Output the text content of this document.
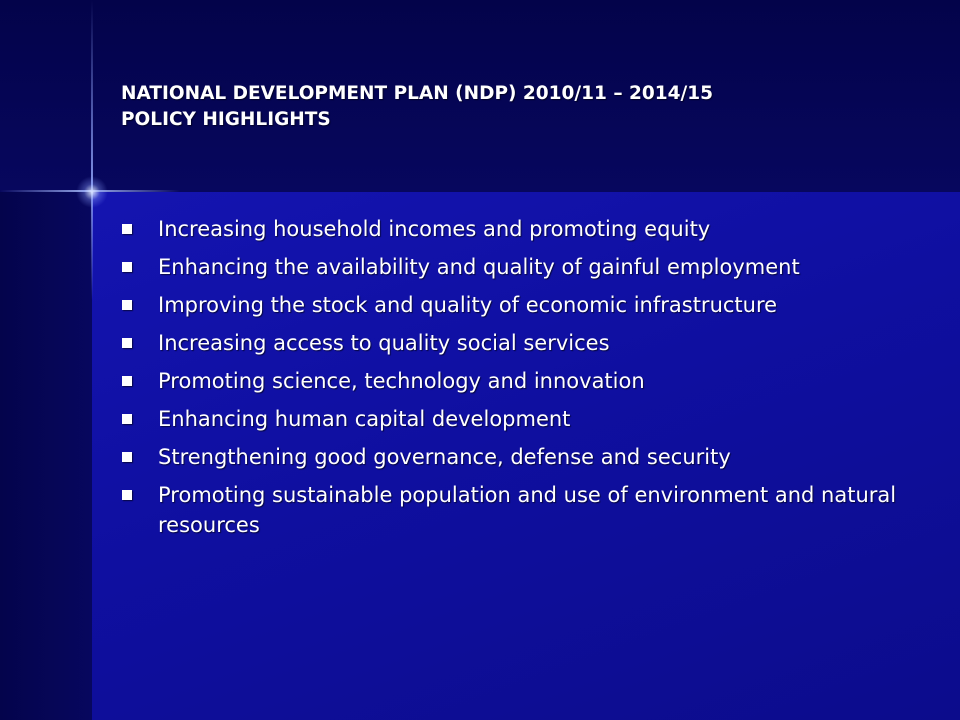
NATIONAL DEVELOPMENT PLAN (NDP) 2010/11 – 2014/15
POLICY HIGHLIGHTS
Increasing household incomes and promoting equity
Enhancing the availability and quality of gainful employment
Improving the stock and quality of economic infrastructure
Increasing access to quality social services
Promoting science, technology and innovation
Enhancing human capital development
Strengthening good governance, defense and security
Promoting sustainable population and use of environment and natural resources
